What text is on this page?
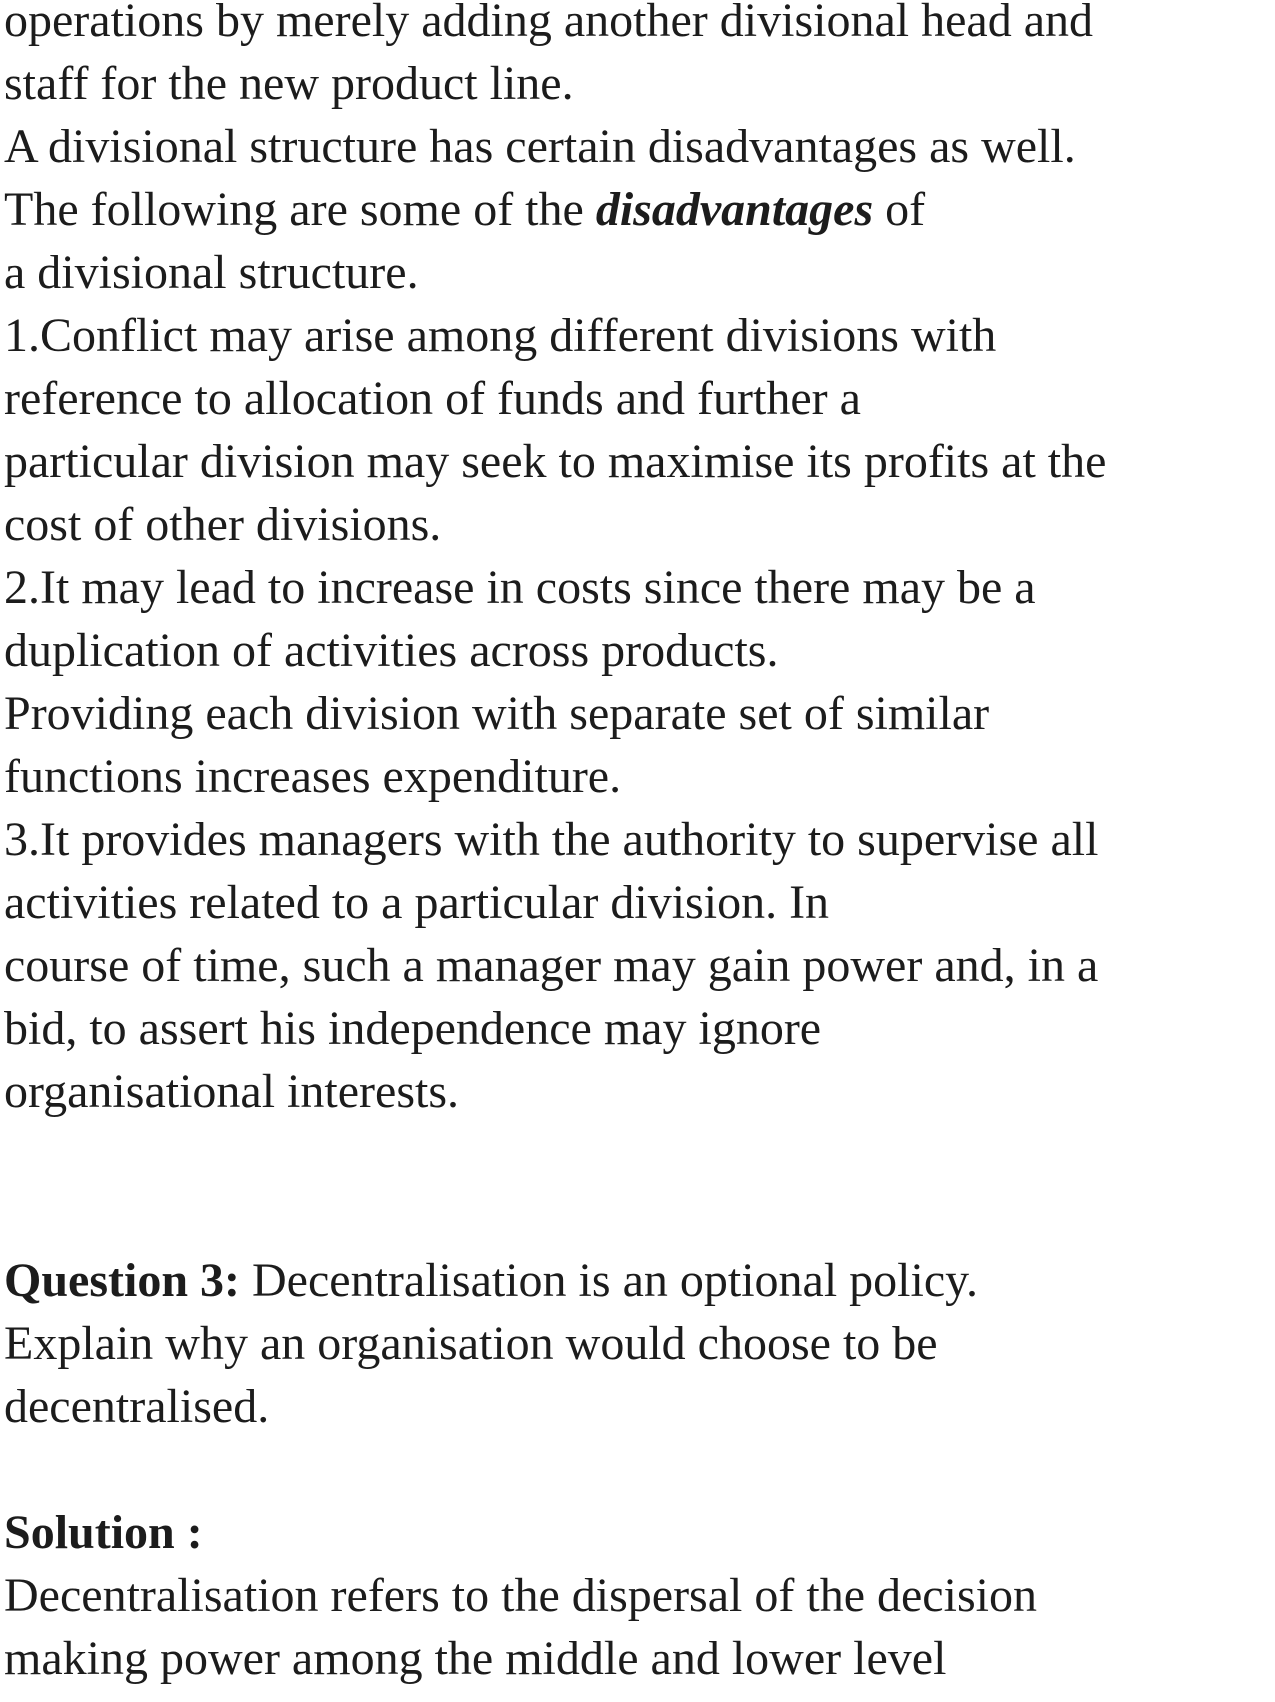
operations by merely adding another divisional head and
staff for the new product line.
A divisional structure has certain disadvantages as well.
The following are some of the disadvantages of
a divisional structure.
1.Conflict may arise among different divisions with
reference to allocation of funds and further a
particular division may seek to maximise its profits at the
cost of other divisions.
2.It may lead to increase in costs since there may be a
duplication of activities across products.
Providing each division with separate set of similar
functions increases expenditure.
3.It provides managers with the authority to supervise all
activities related to a particular division. In
course of time, such a manager may gain power and, in a
bid, to assert his independence may ignore
organisational interests.

Question 3: Decentralisation is an optional policy.
Explain why an organisation would choose to be
decentralised.

Solution :
Decentralisation refers to the dispersal of the decision
making power among the middle and lower level
